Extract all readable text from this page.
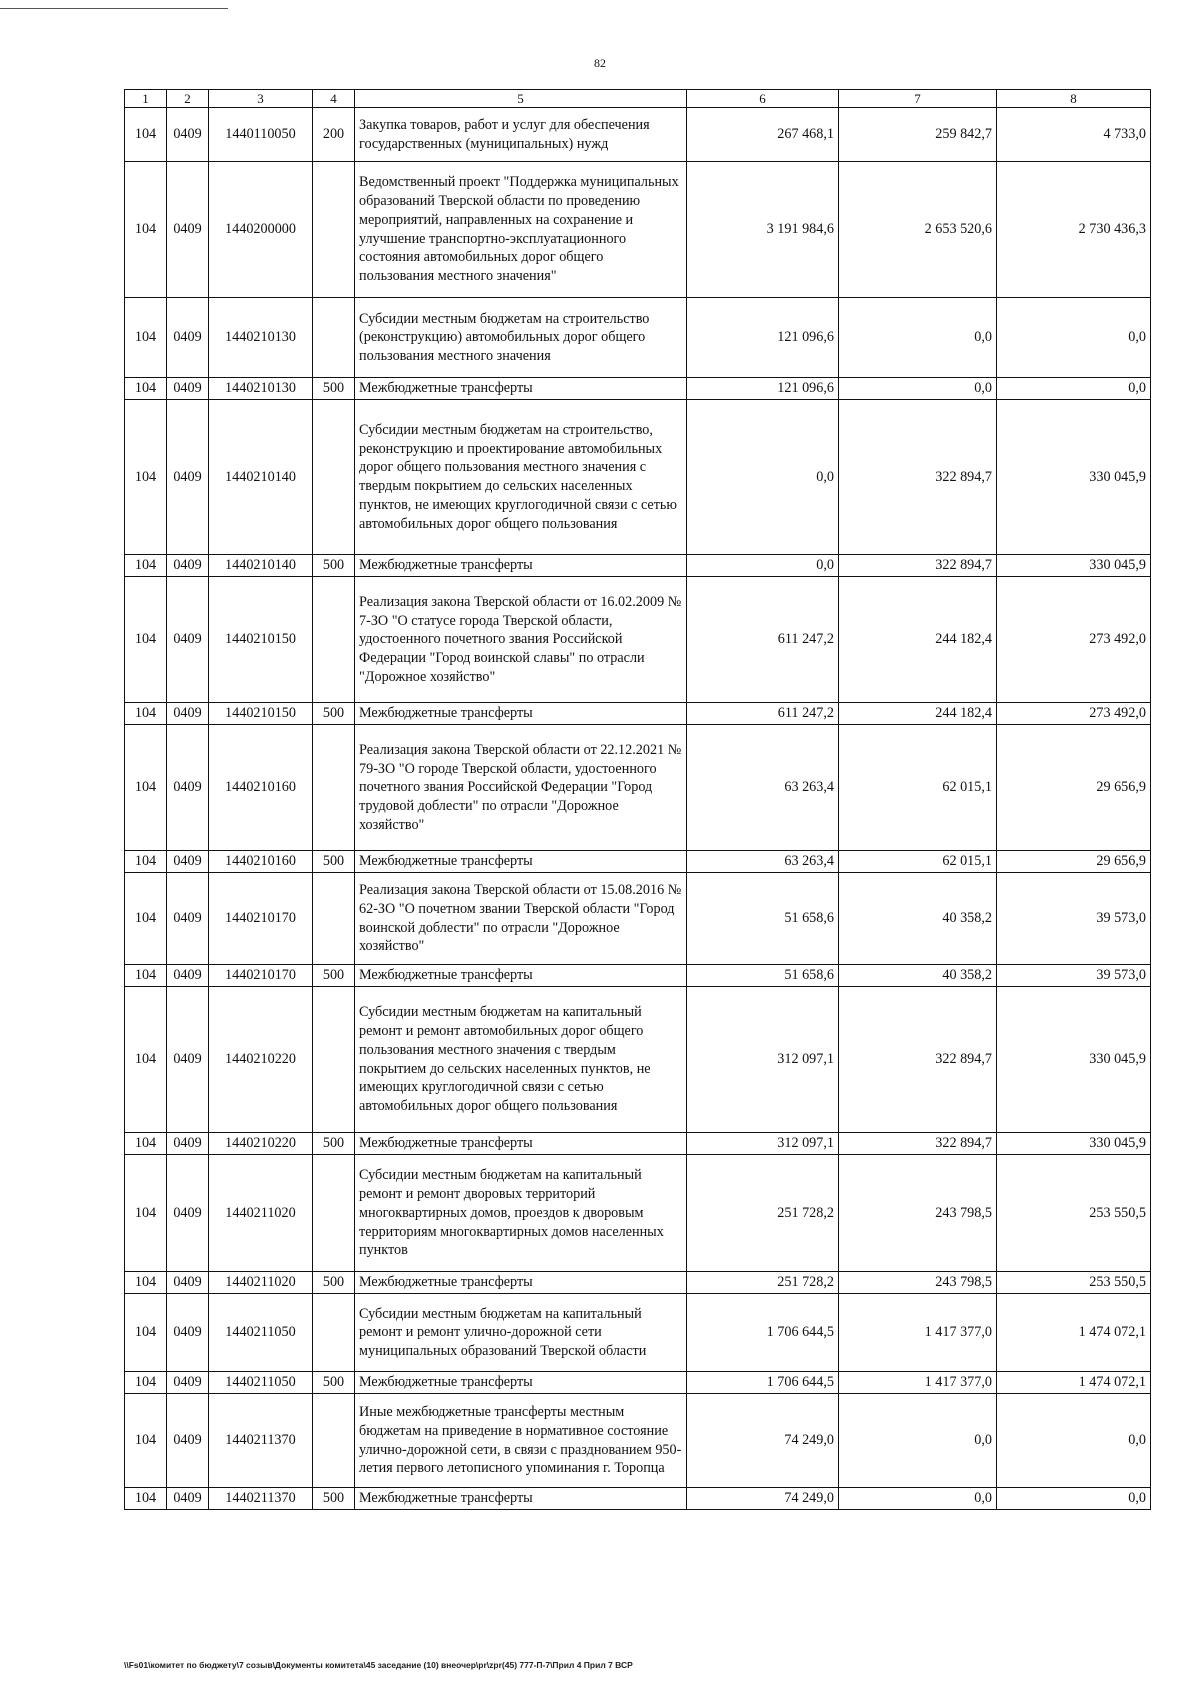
82
1	2	3	4	5	6	7	8
104	0409	1440110050	200	Закупка товаров, работ и услуг для обеспечения государственных (муниципальных) нужд	267 468,1	259 842,7	4 733,0
104	0409	1440200000		Ведомственный проект "Поддержка муниципальных образований Тверской области по проведению мероприятий, направленных на сохранение и улучшение транспортно-эксплуатационного состояния автомобильных дорог общего пользования местного значения"	3 191 984,6	2 653 520,6	2 730 436,3
104	0409	1440210130		Субсидии местным бюджетам на строительство (реконструкцию) автомобильных дорог общего пользования местного значения	121 096,6	0,0	0,0
104	0409	1440210130	500	Межбюджетные трансферты	121 096,6	0,0	0,0
104	0409	1440210140		Субсидии местным бюджетам на строительство, реконструкцию и проектирование автомобильных дорог общего пользования местного значения с твердым покрытием до сельских населенных пунктов, не имеющих круглогодичной связи с сетью автомобильных дорог общего пользования	0,0	322 894,7	330 045,9
104	0409	1440210140	500	Межбюджетные трансферты	0,0	322 894,7	330 045,9
104	0409	1440210150		Реализация закона Тверской области от 16.02.2009 № 7-ЗО "О статусе города Тверской области, удостоенного почетного звания Российской Федерации "Город воинской славы" по отрасли "Дорожное хозяйство"	611 247,2	244 182,4	273 492,0
104	0409	1440210150	500	Межбюджетные трансферты	611 247,2	244 182,4	273 492,0
104	0409	1440210160		Реализация закона Тверской области от 22.12.2021 № 79-ЗО "О городе Тверской области, удостоенного почетного звания Российской Федерации "Город трудовой доблести" по отрасли "Дорожное хозяйство"	63 263,4	62 015,1	29 656,9
104	0409	1440210160	500	Межбюджетные трансферты	63 263,4	62 015,1	29 656,9
104	0409	1440210170		Реализация закона Тверской области от 15.08.2016 № 62-ЗО "О почетном звании Тверской области "Город воинской доблести" по отрасли "Дорожное хозяйство"	51 658,6	40 358,2	39 573,0
104	0409	1440210170	500	Межбюджетные трансферты	51 658,6	40 358,2	39 573,0
104	0409	1440210220		Субсидии местным бюджетам на капитальный ремонт и ремонт автомобильных дорог общего пользования местного значения с твердым покрытием до сельских населенных пунктов, не имеющих круглогодичной связи с сетью автомобильных дорог общего пользования	312 097,1	322 894,7	330 045,9
104	0409	1440210220	500	Межбюджетные трансферты	312 097,1	322 894,7	330 045,9
104	0409	1440211020		Субсидии местным бюджетам на капитальный ремонт и ремонт дворовых территорий многоквартирных домов, проездов к дворовым территориям многоквартирных домов населенных пунктов	251 728,2	243 798,5	253 550,5
104	0409	1440211020	500	Межбюджетные трансферты	251 728,2	243 798,5	253 550,5
104	0409	1440211050		Субсидии местным бюджетам на капитальный ремонт и ремонт улично-дорожной сети муниципальных образований Тверской области	1 706 644,5	1 417 377,0	1 474 072,1
104	0409	1440211050	500	Межбюджетные трансферты	1 706 644,5	1 417 377,0	1 474 072,1
104	0409	1440211370		Иные межбюджетные трансферты местным бюджетам на приведение в нормативное состояние улично-дорожной сети, в связи с празднованием 950-летия первого летописного упоминания г. Торопца	74 249,0	0,0	0,0
104	0409	1440211370	500	Межбюджетные трансферты	74 249,0	0,0	0,0
\\Fs01\комитет по бюджету\7 созыв\Документы комитета\45 заседание (10) внеочер\pr\zpr(45) 777-П-7\Прил 4 Прил 7 ВСР
